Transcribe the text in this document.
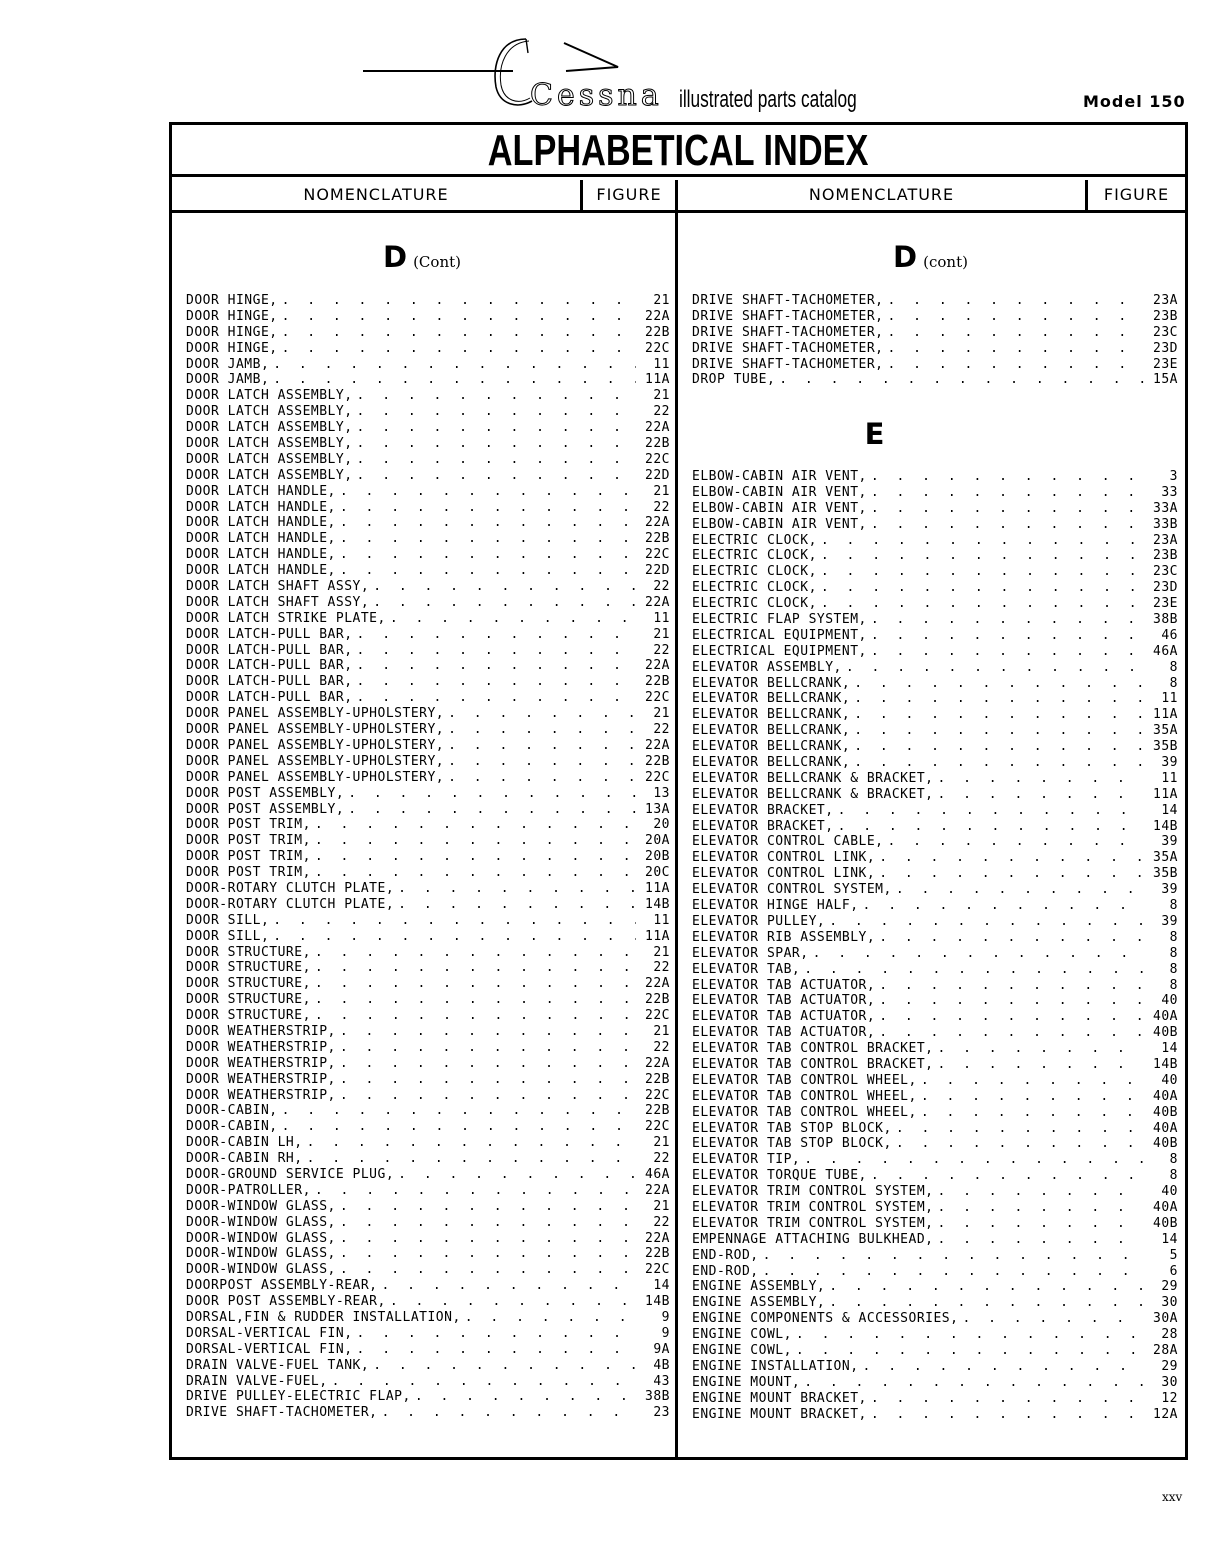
Cessna illustrated parts catalog	Model 150
ALPHABETICAL INDEX
NOMENCLATURE	FIGURE	NOMENCLATURE	FIGURE
D (Cont)	D (cont)
DOOR HINGE, . . .	21
DOOR HINGE, . . .	22A
DOOR HINGE, . . .	22B
DOOR HINGE, . . .	22C
DOOR JAMB, . . .	11
DOOR JAMB, . . .	11A
DOOR LATCH ASSEMBLY, . . .	21
DOOR LATCH ASSEMBLY, . . .	22
DOOR LATCH ASSEMBLY, . . .	22A
DOOR LATCH ASSEMBLY, . . .	22B
DOOR LATCH ASSEMBLY, . . .	22C
DOOR LATCH ASSEMBLY, . . .	22D
DOOR LATCH HANDLE, . . .	21
DOOR LATCH HANDLE, . . .	22
DOOR LATCH HANDLE, . . .	22A
DOOR LATCH HANDLE, . . .	22B
DOOR LATCH HANDLE, . . .	22C
DOOR LATCH HANDLE, . . .	22D
DOOR LATCH SHAFT ASSY, . . .	22
DOOR LATCH SHAFT ASSY, . . .	22A
DOOR LATCH STRIKE PLATE, . . .	11
DOOR LATCH-PULL BAR, . . .	21
DOOR LATCH-PULL BAR, . . .	22
DOOR LATCH-PULL BAR, . . .	22A
DOOR LATCH-PULL BAR, . . .	22B
DOOR LATCH-PULL BAR, . . .	22C
DOOR PANEL ASSEMBLY-UPHOLSTERY, . . .	21
DOOR PANEL ASSEMBLY-UPHOLSTERY, . . .	22
DOOR PANEL ASSEMBLY-UPHOLSTERY, . . .	22A
DOOR PANEL ASSEMBLY-UPHOLSTERY, . . .	22B
DOOR PANEL ASSEMBLY-UPHOLSTERY, . . .	22C
DOOR POST ASSEMBLY, . . .	13
DOOR POST ASSEMBLY, . . .	13A
DOOR POST TRIM, . . .	20
DOOR POST TRIM, . . .	20A
DOOR POST TRIM, . . .	20B
DOOR POST TRIM, . . .	20C
DOOR-ROTARY CLUTCH PLATE, . . .	11A
DOOR-ROTARY CLUTCH PLATE, . . .	14B
DOOR SILL, . . .	11
DOOR SILL, . . .	11A
DOOR STRUCTURE, . . .	21
DOOR STRUCTURE, . . .	22
DOOR STRUCTURE, . . .	22A
DOOR STRUCTURE, . . .	22B
DOOR STRUCTURE, . . .	22C
DOOR WEATHERSTRIP, . . .	21
DOOR WEATHERSTRIP, . . .	22
DOOR WEATHERSTRIP, . . .	22A
DOOR WEATHERSTRIP, . . .	22B
DOOR WEATHERSTRIP, . . .	22C
DOOR-CABIN, . . .	22B
DOOR-CABIN, . . .	22C
DOOR-CABIN LH, . . .	21
DOOR-CABIN RH, . . .	22
DOOR-GROUND SERVICE PLUG, . . .	46A
DOOR-PATROLLER, . . .	22A
DOOR-WINDOW GLASS, . . .	21
DOOR-WINDOW GLASS, . . .	22
DOOR-WINDOW GLASS, . . .	22A
DOOR-WINDOW GLASS, . . .	22B
DOOR-WINDOW GLASS, . . .	22C
DOORPOST ASSEMBLY-REAR, . . .	14
DOOR POST ASSEMBLY-REAR, . . .	14B
DORSAL,FIN & RUDDER INSTALLATION, . . .	9
DORSAL-VERTICAL FIN, . . .	9
DORSAL-VERTICAL FIN, . . .	9A
DRAIN VALVE-FUEL TANK, . . .	4B
DRAIN VALVE-FUEL, . . .	43
DRIVE PULLEY-ELECTRIC FLAP, . . .	38B
DRIVE SHAFT-TACHOMETER, . . .	23
DRIVE SHAFT-TACHOMETER, . . .	23A
DRIVE SHAFT-TACHOMETER, . . .	23B
DRIVE SHAFT-TACHOMETER, . . .	23C
DRIVE SHAFT-TACHOMETER, . . .	23D
DRIVE SHAFT-TACHOMETER, . . .	23E
DROP TUBE, . . .	15A
E
ELBOW-CABIN AIR VENT, . . .	3
ELBOW-CABIN AIR VENT, . . .	33
ELBOW-CABIN AIR VENT, . . .	33A
ELBOW-CABIN AIR VENT, . . .	33B
ELECTRIC CLOCK, . . .	23A
ELECTRIC CLOCK, . . .	23B
ELECTRIC CLOCK, . . .	23C
ELECTRIC CLOCK, . . .	23D
ELECTRIC CLOCK, . . .	23E
ELECTRIC FLAP SYSTEM, . . .	38B
ELECTRICAL EQUIPMENT, . . .	46
ELECTRICAL EQUIPMENT, . . .	46A
ELEVATOR ASSEMBLY, . . .	8
ELEVATOR BELLCRANK, . . .	8
ELEVATOR BELLCRANK, . . .	11
ELEVATOR BELLCRANK, . . .	11A
ELEVATOR BELLCRANK, . . .	35A
ELEVATOR BELLCRANK, . . .	35B
ELEVATOR BELLCRANK, . . .	39
ELEVATOR BELLCRANK & BRACKET, . . .	11
ELEVATOR BELLCRANK & BRACKET, . . .	11A
ELEVATOR BRACKET, . . .	14
ELEVATOR BRACKET, . . .	14B
ELEVATOR CONTROL CABLE, . . .	39
ELEVATOR CONTROL LINK, . . .	35A
ELEVATOR CONTROL LINK, . . .	35B
ELEVATOR CONTROL SYSTEM, . . .	39
ELEVATOR HINGE HALF, . . .	8
ELEVATOR PULLEY, . . .	39
ELEVATOR RIB ASSEMBLY, . . .	8
ELEVATOR SPAR, . . .	8
ELEVATOR TAB, . . .	8
ELEVATOR TAB ACTUATOR, . . .	8
ELEVATOR TAB ACTUATOR, . . .	40
ELEVATOR TAB ACTUATOR, . . .	40A
ELEVATOR TAB ACTUATOR, . . .	40B
ELEVATOR TAB CONTROL BRACKET, . . .	14
ELEVATOR TAB CONTROL BRACKET, . . .	14B
ELEVATOR TAB CONTROL WHEEL, . . .	40
ELEVATOR TAB CONTROL WHEEL, . . .	40A
ELEVATOR TAB CONTROL WHEEL, . . .	40B
ELEVATOR TAB STOP BLOCK, . . .	40A
ELEVATOR TAB STOP BLOCK, . . .	40B
ELEVATOR TIP, . . .	8
ELEVATOR TORQUE TUBE, . . .	8
ELEVATOR TRIM CONTROL SYSTEM, . . .	40
ELEVATOR TRIM CONTROL SYSTEM, . . .	40A
ELEVATOR TRIM CONTROL SYSTEM, . . .	40B
EMPENNAGE ATTACHING BULKHEAD, . . .	14
END-ROD, . . .	5
END-ROD, . . .	6
ENGINE ASSEMBLY, . . .	29
ENGINE ASSEMBLY, . . .	30
ENGINE COMPONENTS & ACCESSORIES, . . .	30A
ENGINE COWL, . . .	28
ENGINE COWL, . . .	28A
ENGINE INSTALLATION, . . .	29
ENGINE MOUNT, . . .	30
ENGINE MOUNT BRACKET, . . .	12
ENGINE MOUNT BRACKET, . . .	12A
xxv
